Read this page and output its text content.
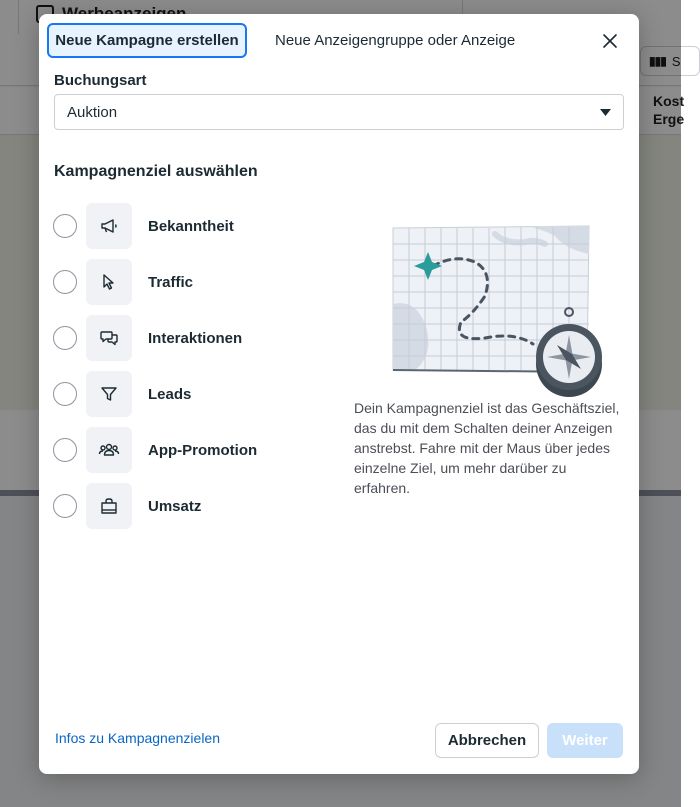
▮▮▮ S
Kost
Erge
Neue Kampagne erstellen	Neue Anzeigengruppe oder Anzeige
Buchungsart
Auktion
Kampagnenziel auswählen
Bekanntheit
Traffic
Interaktionen
Leads
App-Promotion
Umsatz
Dein Kampagnenziel ist das Geschäftsziel, das du mit dem Schalten deiner Anzeigen anstrebst. Fahre mit der Maus über jedes einzelne Ziel, um mehr darüber zu erfahren.
Infos zu Kampagnenzielen	Abbrechen	Weiter
